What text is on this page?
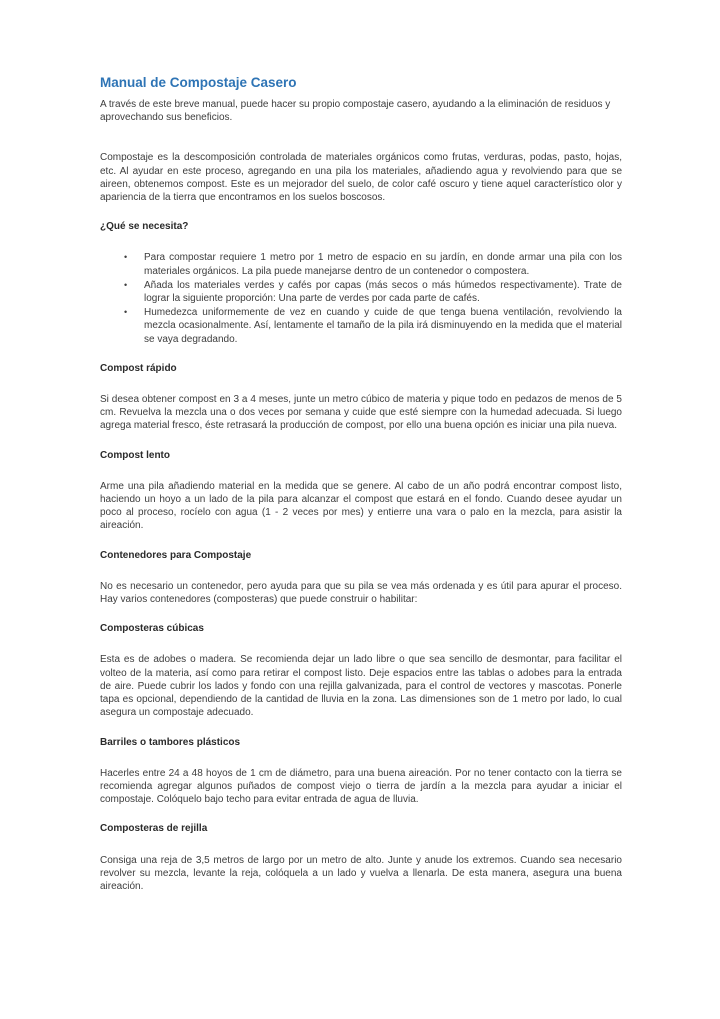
Manual de Compostaje Casero

A través de este breve manual, puede hacer su propio compostaje casero, ayudando a la eliminación de residuos y aprovechando sus beneficios.

Compostaje es la descomposición controlada de materiales orgánicos como frutas, verduras, podas, pasto, hojas, etc. Al ayudar en este proceso, agregando en una pila los materiales, añadiendo agua y revolviendo para que se aireen, obtenemos compost. Este es un mejorador del suelo, de color café oscuro y tiene aquel característico olor y apariencia de la tierra que encontramos en los suelos boscosos.

¿Qué se necesita?
•	Para compostar requiere 1 metro por 1 metro de espacio en su jardín, en donde armar una pila con los materiales orgánicos. La pila puede manejarse dentro de un contenedor o compostera.
•	Añada los materiales verdes y cafés por capas (más secos o más húmedos respectivamente). Trate de lograr la siguiente proporción: Una parte de verdes por cada parte de cafés.
•	Humedezca uniformemente de vez en cuando y cuide de que tenga buena ventilación, revolviendo la mezcla ocasionalmente. Así, lentamente el tamaño de la pila irá disminuyendo en la medida que el material se vaya degradando.
Compost rápido

Si desea obtener compost en 3 a 4 meses, junte un metro cúbico de materia y pique todo en pedazos de menos de 5 cm. Revuelva la mezcla una o dos veces por semana y cuide que esté siempre con la humedad adecuada. Si luego agrega material fresco, éste retrasará la producción de compost, por ello una buena opción es iniciar una pila nueva.

Compost lento

Arme una pila añadiendo material en la medida que se genere. Al cabo de un año podrá encontrar compost listo, haciendo un hoyo a un lado de la pila para alcanzar el compost que estará en el fondo. Cuando desee ayudar un poco al proceso, rocíelo con agua (1 - 2 veces por mes) y entierre una vara o palo en la mezcla, para asistir la aireación.

Contenedores para Compostaje

No es necesario un contenedor, pero ayuda para que su pila se vea más ordenada y es útil para apurar el proceso. Hay varios contenedores (composteras) que puede construir o habilitar:

Composteras cúbicas

Esta es de adobes o madera. Se recomienda dejar un lado libre o que sea sencillo de desmontar, para facilitar el volteo de la materia, así como para retirar el compost listo. Deje espacios entre las tablas o adobes para la entrada de aire. Puede cubrir los lados y fondo con una rejilla galvanizada, para el control de vectores y mascotas. Ponerle tapa es opcional, dependiendo de la cantidad de lluvia en la zona. Las dimensiones son de 1 metro por lado, lo cual asegura un compostaje adecuado.

Barriles o tambores plásticos

Hacerles entre 24 a 48 hoyos de 1 cm de diámetro, para una buena aireación. Por no tener contacto con la tierra se recomienda agregar algunos puñados de compost viejo o tierra de jardín a la mezcla para ayudar a iniciar el compostaje. Colóquelo bajo techo para evitar entrada de agua de lluvia.

Composteras de rejilla

Consiga una reja de 3,5 metros de largo por un metro de alto. Junte y anude los extremos. Cuando sea necesario revolver su mezcla, levante la reja, colóquela a un lado y vuelva a llenarla. De esta manera, asegura una buena aireación.
